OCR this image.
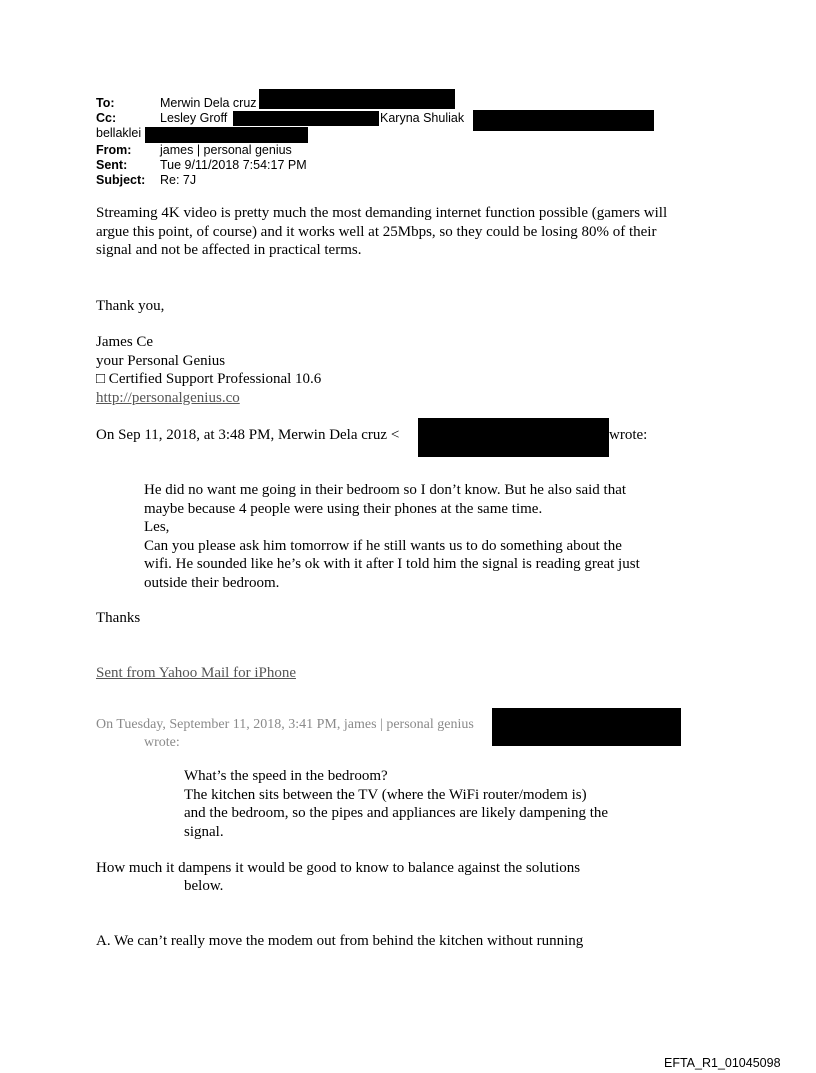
To:	Merwin Dela cruz
Cc:	Lesley Groff	Karyna Shuliak
bellaklei
From: james | personal genius
Sent:	Tue 9/11/2018 7:54:17 PM
Subject: Re: 7J

Streaming 4K video is pretty much the most demanding internet function possible (gamers will

argue this point, of course) and it works well at 25Mbps, so they could be losing 80% of their

signal and not be affected in practical terms.

Thank you,

James Ce

your Personal Genius

□ Certified Support Professional 10.6

http://personalgenius.co

On Sep 11, 2018, at 3:48 PM, Merwin Dela cruz <	wrote:

He did no want me going in their bedroom so I don’t know. But he also said that

maybe because 4 people were using their phones at the same time.

Les,

Can you please ask him tomorrow if he still wants us to do something about the

wifi. He sounded like he’s ok with it after I told him the signal is reading great just

outside their bedroom.

Thanks

Sent from Yahoo Mail for iPhone

On Tuesday, September 11, 2018, 3:41 PM, james | personal genius
wrote:

What’s the speed in the bedroom?

The kitchen sits between the TV (where the WiFi router/modem is)

and the bedroom, so the pipes and appliances are likely dampening the

signal.

How much it dampens it would be good to know to balance against the solutions

below.

A. We can’t really move the modem out from behind the kitchen without running

EFTA_R1_01045098
